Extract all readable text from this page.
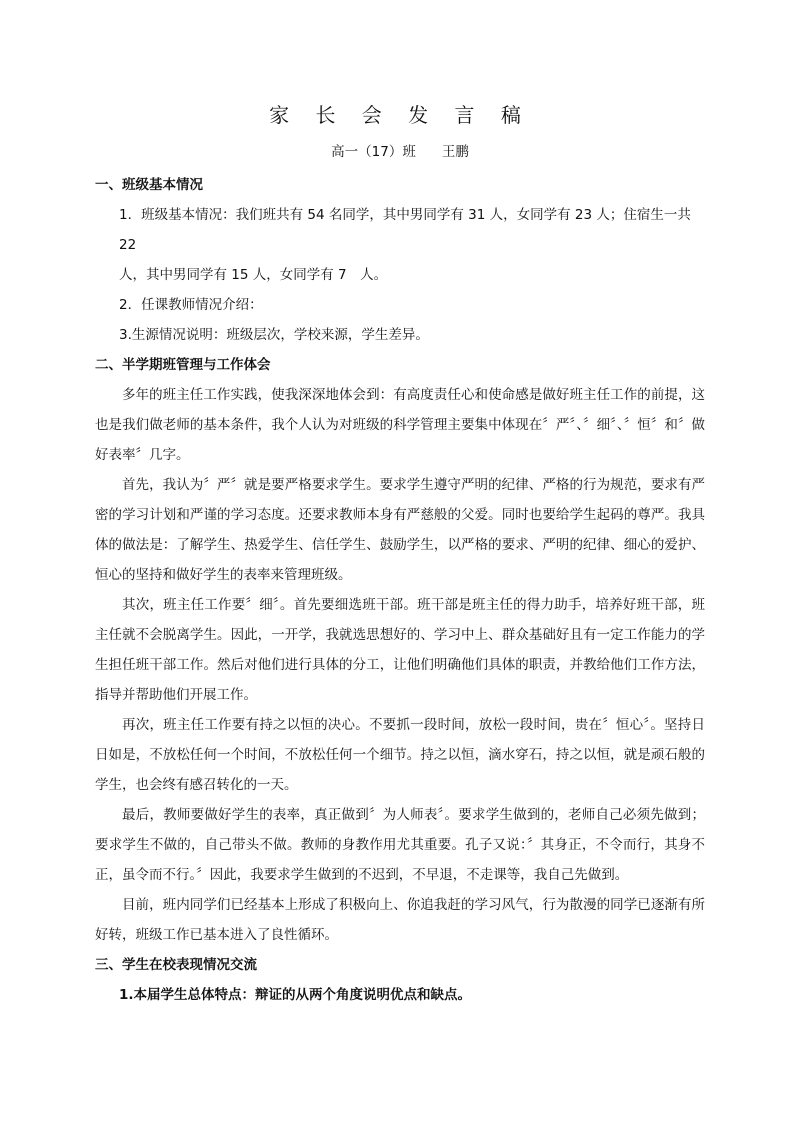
家 长 会 发 言 稿
高一（17）班 王鹏
一、班级基本情况
1．班级基本情况：我们班共有 54 名同学，其中男同学有 31 人，女同学有 23 人；住宿生一共 22
人，其中男同学有 15 人，女同学有 7　人。
2．任课教师情况介绍：
3.生源情况说明：班级层次，学校来源，学生差异。
二、半学期班管理与工作体会

多年的班主任工作实践，使我深深地体会到：有高度责任心和使命感是做好班主任工作的前提，这也是我们做老师的基本条件，我个人认为对班级的科学管理主要集中体现在〞严〞、〞细〞、〞恒〞和〞做好表率〞几字。

首先，我认为〞严〞就是要严格要求学生。要求学生遵守严明的纪律、严格的行为规范，要求有严密的学习计划和严谨的学习态度。还要求教师本身有严慈般的父爱。同时也要给学生起码的尊严。我具体的做法是：了解学生、热爱学生、信任学生、鼓励学生，以严格的要求、严明的纪律、细心的爱护、恒心的坚持和做好学生的表率来管理班级。

其次，班主任工作要〞细〞。首先要细选班干部。班干部是班主任的得力助手，培养好班干部，班主任就不会脱离学生。因此，一开学，我就选思想好的、学习中上、群众基础好且有一定工作能力的学生担任班干部工作。然后对他们进行具体的分工，让他们明确他们具体的职责，并教给他们工作方法，指导并帮助他们开展工作。

再次，班主任工作要有持之以恒的决心。不要抓一段时间，放松一段时间，贵在〞恒心〞。坚持日日如是，不放松任何一个时间，不放松任何一个细节。持之以恒，滴水穿石，持之以恒，就是顽石般的学生，也会终有感召转化的一天。

最后，教师要做好学生的表率，真正做到〞为人师表〞。要求学生做到的，老师自己必须先做到；要求学生不做的，自己带头不做。教师的身教作用尤其重要。孔子又说：〞其身正，不令而行，其身不正，虽令而不行。〞因此，我要求学生做到的不迟到，不早退，不走课等，我自己先做到。

目前，班内同学们已经基本上形成了积极向上、你追我赶的学习风气，行为散漫的同学已逐渐有所好转，班级工作已基本进入了良性循环。

三、学生在校表现情况交流
1.本届学生总体特点：辩证的从两个角度说明优点和缺点。
